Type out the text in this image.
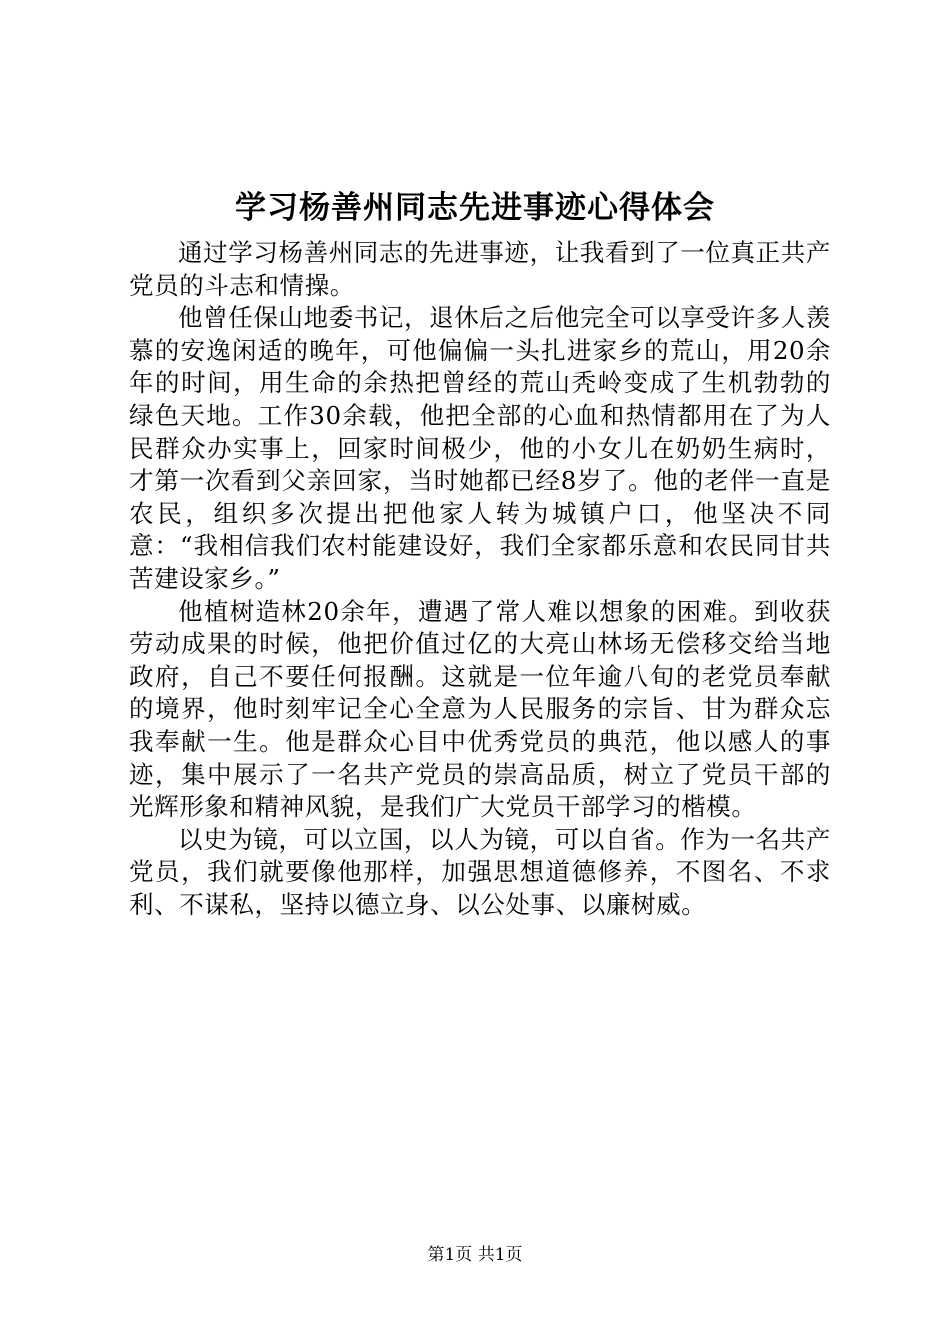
学习杨善州同志先进事迹心得体会

通过学习杨善州同志的先进事迹，让我看到了一位真正共产党员的斗志和情操。

他曾任保山地委书记，退休后之后他完全可以享受许多人羡慕的安逸闲适的晚年，可他偏偏一头扎进家乡的荒山，用20余年的时间，用生命的余热把曾经的荒山秃岭变成了生机勃勃的绿色天地。工作30余载，他把全部的心血和热情都用在了为人民群众办实事上，回家时间极少，他的小女儿在奶奶生病时，才第一次看到父亲回家，当时她都已经8岁了。他的老伴一直是农民，组织多次提出把他家人转为城镇户口，他坚决不同意：“我相信我们农村能建设好，我们全家都乐意和农民同甘共苦建设家乡。”

他植树造林20余年，遭遇了常人难以想象的困难。到收获劳动成果的时候，他把价值过亿的大亮山林场无偿移交给当地政府，自己不要任何报酬。这就是一位年逾八旬的老党员奉献的境界，他时刻牢记全心全意为人民服务的宗旨、甘为群众忘我奉献一生。他是群众心目中优秀党员的典范，他以感人的事迹，集中展示了一名共产党员的崇高品质，树立了党员干部的光辉形象和精神风貌，是我们广大党员干部学习的楷模。

以史为镜，可以立国，以人为镜，可以自省。作为一名共产党员，我们就要像他那样，加强思想道德修养，不图名、不求利、不谋私，坚持以德立身、以公处事、以廉树威。

第1页 共1页
